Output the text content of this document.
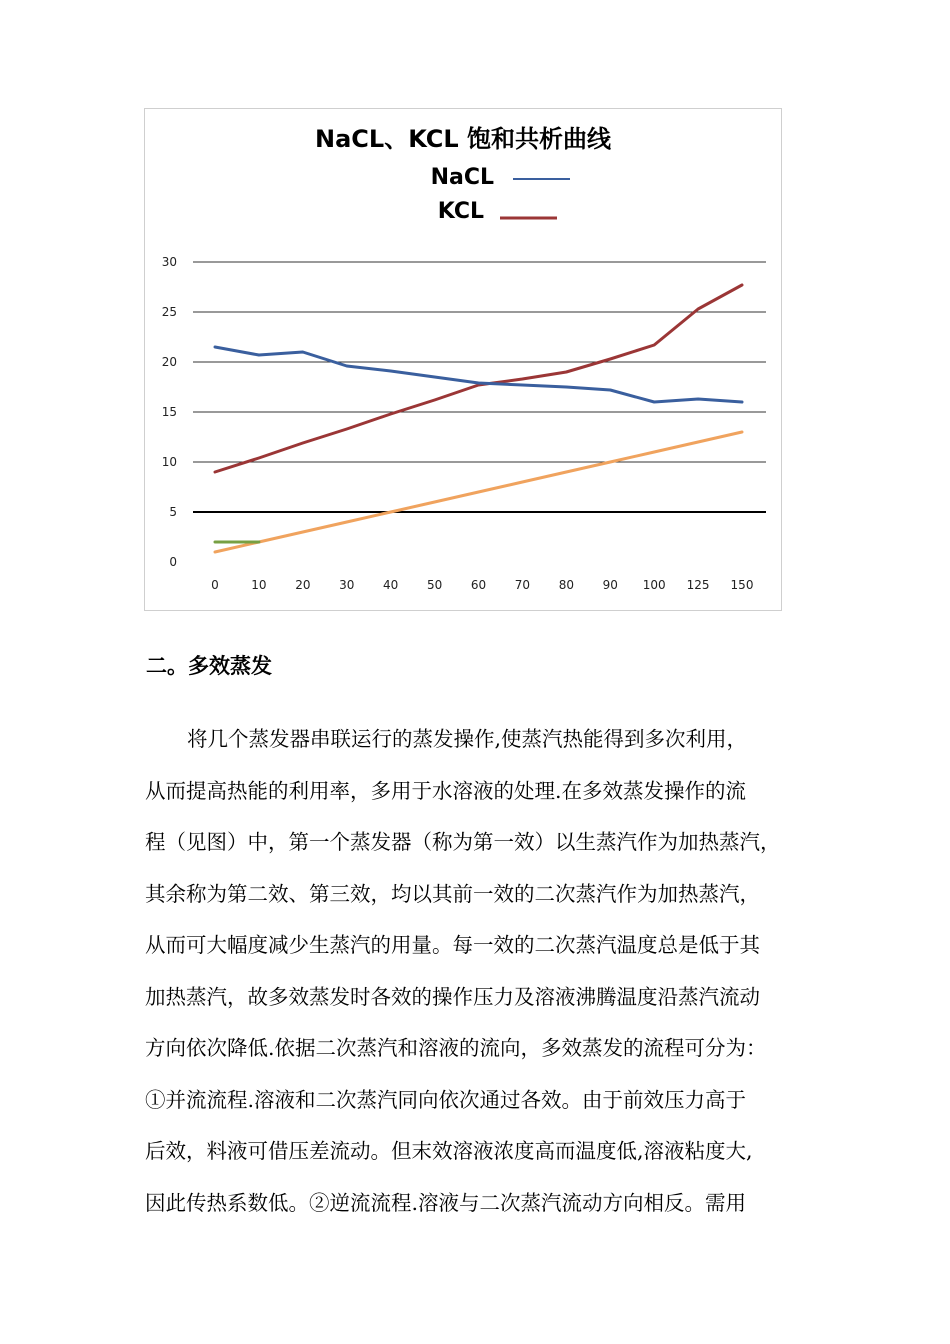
NaCL、KCL 饱和共析曲线
NaCL
KCL
0
5
10
15
20
25
30
0	10 20 30 40 50 60 70 80 90 100 125 150
二。多效蒸发
将几个蒸发器串联运行的蒸发操作,使蒸汽热能得到多次利用，
从而提高热能的利用率，多用于水溶液的处理.在多效蒸发操作的流
程（见图）中，第一个蒸发器（称为第一效）以生蒸汽作为加热蒸汽，
其余称为第二效、第三效，均以其前一效的二次蒸汽作为加热蒸汽，
从而可大幅度减少生蒸汽的用量。每一效的二次蒸汽温度总是低于其
加热蒸汽，故多效蒸发时各效的操作压力及溶液沸腾温度沿蒸汽流动
方向依次降低.依据二次蒸汽和溶液的流向，多效蒸发的流程可分为：
①并流流程.溶液和二次蒸汽同向依次通过各效。由于前效压力高于
后效，料液可借压差流动。但末效溶液浓度高而温度低,溶液粘度大,
因此传热系数低。②逆流流程.溶液与二次蒸汽流动方向相反。需用
